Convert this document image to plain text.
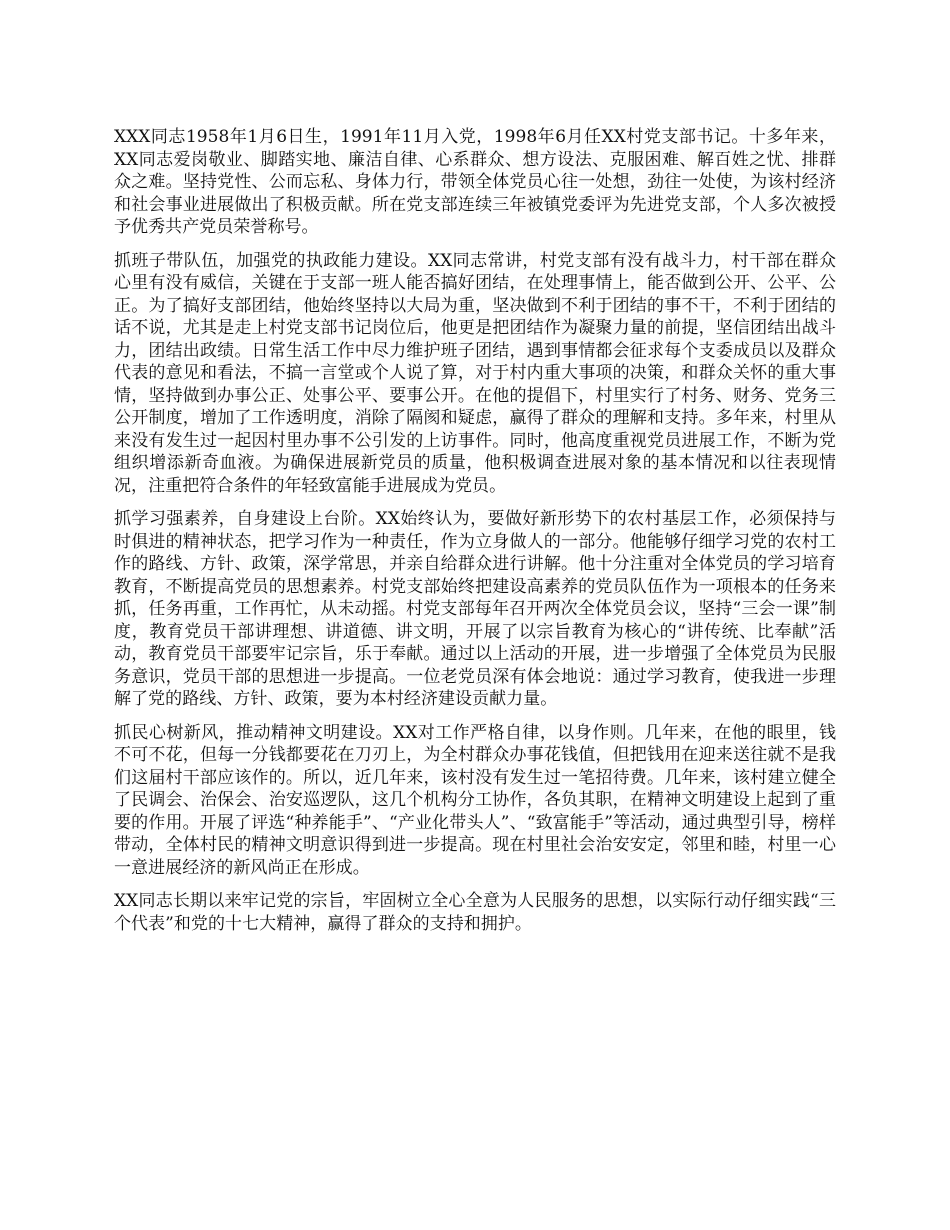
XXX同志1958年1月6日生，1991年11月入党，1998年6月任XX村党支部书记。十多年来，XX同志爱岗敬业、脚踏实地、廉洁自律、心系群众、想方设法、克服困难、解百姓之忧、排群众之难。坚持党性、公而忘私、身体力行，带领全体党员心往一处想，劲往一处使，为该村经济和社会事业进展做出了积极贡献。所在党支部连续三年被镇党委评为先进党支部，个人多次被授予优秀共产党员荣誉称号。

抓班子带队伍，加强党的执政能力建设。XX同志常讲，村党支部有没有战斗力，村干部在群众心里有没有威信，关键在于支部一班人能否搞好团结，在处理事情上，能否做到公开、公平、公正。为了搞好支部团结，他始终坚持以大局为重，坚决做到不利于团结的事不干，不利于团结的话不说，尤其是走上村党支部书记岗位后，他更是把团结作为凝聚力量的前提，坚信团结出战斗力，团结出政绩。日常生活工作中尽力维护班子团结，遇到事情都会征求每个支委成员以及群众代表的意见和看法，不搞一言堂或个人说了算，对于村内重大事项的决策，和群众关怀的重大事情，坚持做到办事公正、处事公平、要事公开。在他的提倡下，村里实行了村务、财务、党务三公开制度，增加了工作透明度，消除了隔阂和疑虑，赢得了群众的理解和支持。多年来，村里从来没有发生过一起因村里办事不公引发的上访事件。同时，他高度重视党员进展工作，不断为党组织增添新奇血液。为确保进展新党员的质量，他积极调查进展对象的基本情况和以往表现情况，注重把符合条件的年轻致富能手进展成为党员。

抓学习强素养，自身建设上台阶。XX始终认为，要做好新形势下的农村基层工作，必须保持与时俱进的精神状态，把学习作为一种责任，作为立身做人的一部分。他能够仔细学习党的农村工作的路线、方针、政策，深学常思，并亲自给群众进行讲解。他十分注重对全体党员的学习培育教育，不断提高党员的思想素养。村党支部始终把建设高素养的党员队伍作为一项根本的任务来抓，任务再重，工作再忙，从未动摇。村党支部每年召开两次全体党员会议，坚持“三会一课”制度，教育党员干部讲理想、讲道德、讲文明，开展了以宗旨教育为核心的“讲传统、比奉献”活动，教育党员干部要牢记宗旨，乐于奉献。通过以上活动的开展，进一步增强了全体党员为民服务意识，党员干部的思想进一步提高。一位老党员深有体会地说：通过学习教育，使我进一步理解了党的路线、方针、政策，要为本村经济建设贡献力量。

抓民心树新风，推动精神文明建设。XX对工作严格自律，以身作则。几年来，在他的眼里，钱不可不花，但每一分钱都要花在刀刃上，为全村群众办事花钱值，但把钱用在迎来送往就不是我们这届村干部应该作的。所以，近几年来，该村没有发生过一笔招待费。几年来，该村建立健全了民调会、治保会、治安巡逻队，这几个机构分工协作，各负其职，在精神文明建设上起到了重要的作用。开展了评选“种养能手”、“产业化带头人”、“致富能手”等活动，通过典型引导，榜样带动，全体村民的精神文明意识得到进一步提高。现在村里社会治安安定，邻里和睦，村里一心一意进展经济的新风尚正在形成。

XX同志长期以来牢记党的宗旨，牢固树立全心全意为人民服务的思想，以实际行动仔细实践“三个代表”和党的十七大精神，赢得了群众的支持和拥护。
